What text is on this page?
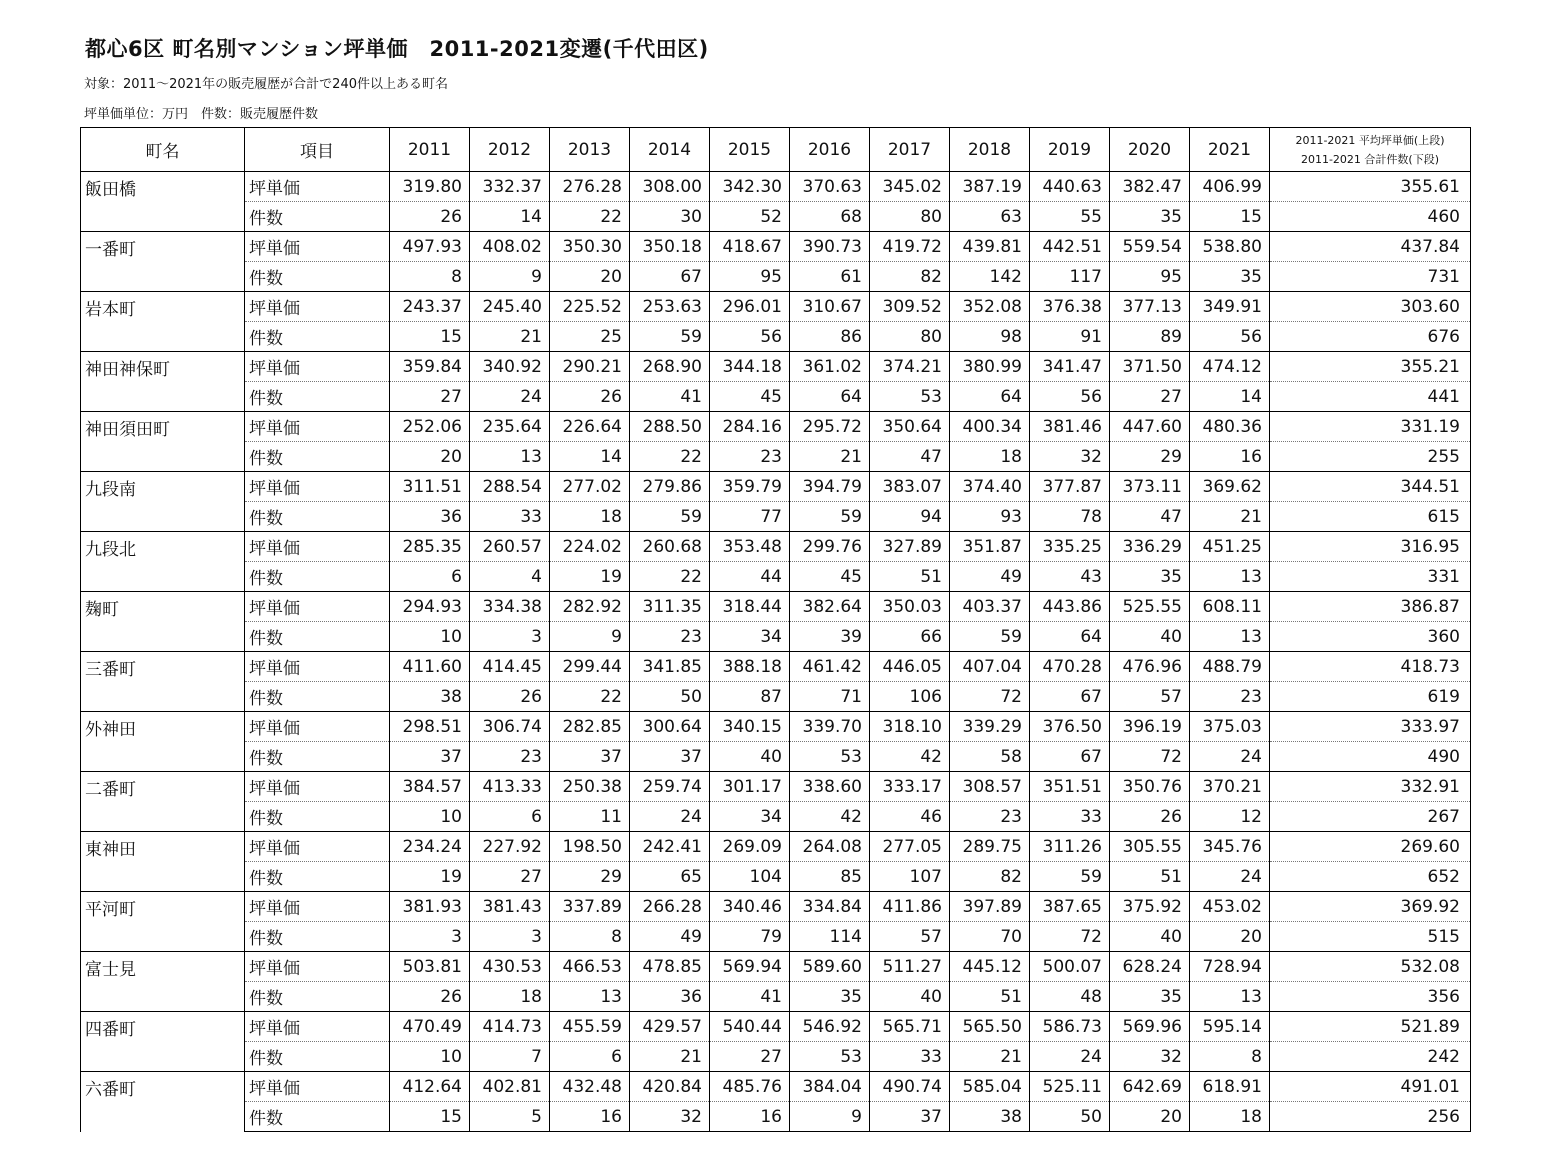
都心6区 町名別マンション坪単価　2011-2021変遷(千代田区)
対象：2011～2021年の販売履歴が合計で240件以上ある町名
坪単価単位：万円　件数：販売履歴件数
町名	項目	2011	2012	2013	2014	2015	2016	2017	2018	2019	2020	2021	2011-2021 平均坪単価(上段)
2011-2021 合計件数(下段)

飯田橋	坪単価	319.80	332.37	276.28	308.00	342.30	370.63	345.02	387.19	440.63	382.47	406.99	355.61
	件数	26	14	22	30	52	68	80	63	55	35	15	460
一番町	坪単価	497.93	408.02	350.30	350.18	418.67	390.73	419.72	439.81	442.51	559.54	538.80	437.84
	件数	8	9	20	67	95	61	82	142	117	95	35	731
岩本町	坪単価	243.37	245.40	225.52	253.63	296.01	310.67	309.52	352.08	376.38	377.13	349.91	303.60
	件数	15	21	25	59	56	86	80	98	91	89	56	676
神田神保町	坪単価	359.84	340.92	290.21	268.90	344.18	361.02	374.21	380.99	341.47	371.50	474.12	355.21
	件数	27	24	26	41	45	64	53	64	56	27	14	441
神田須田町	坪単価	252.06	235.64	226.64	288.50	284.16	295.72	350.64	400.34	381.46	447.60	480.36	331.19
	件数	20	13	14	22	23	21	47	18	32	29	16	255
九段南	坪単価	311.51	288.54	277.02	279.86	359.79	394.79	383.07	374.40	377.87	373.11	369.62	344.51
	件数	36	33	18	59	77	59	94	93	78	47	21	615
九段北	坪単価	285.35	260.57	224.02	260.68	353.48	299.76	327.89	351.87	335.25	336.29	451.25	316.95
	件数	6	4	19	22	44	45	51	49	43	35	13	331
麹町	坪単価	294.93	334.38	282.92	311.35	318.44	382.64	350.03	403.37	443.86	525.55	608.11	386.87
	件数	10	3	9	23	34	39	66	59	64	40	13	360
三番町	坪単価	411.60	414.45	299.44	341.85	388.18	461.42	446.05	407.04	470.28	476.96	488.79	418.73
	件数	38	26	22	50	87	71	106	72	67	57	23	619
外神田	坪単価	298.51	306.74	282.85	300.64	340.15	339.70	318.10	339.29	376.50	396.19	375.03	333.97
	件数	37	23	37	37	40	53	42	58	67	72	24	490
二番町	坪単価	384.57	413.33	250.38	259.74	301.17	338.60	333.17	308.57	351.51	350.76	370.21	332.91
	件数	10	6	11	24	34	42	46	23	33	26	12	267
東神田	坪単価	234.24	227.92	198.50	242.41	269.09	264.08	277.05	289.75	311.26	305.55	345.76	269.60
	件数	19	27	29	65	104	85	107	82	59	51	24	652
平河町	坪単価	381.93	381.43	337.89	266.28	340.46	334.84	411.86	397.89	387.65	375.92	453.02	369.92
	件数	3	3	8	49	79	114	57	70	72	40	20	515
富士見	坪単価	503.81	430.53	466.53	478.85	569.94	589.60	511.27	445.12	500.07	628.24	728.94	532.08
	件数	26	18	13	36	41	35	40	51	48	35	13	356
四番町	坪単価	470.49	414.73	455.59	429.57	540.44	546.92	565.71	565.50	586.73	569.96	595.14	521.89
	件数	10	7	6	21	27	53	33	21	24	32	8	242
六番町	坪単価	412.64	402.81	432.48	420.84	485.76	384.04	490.74	585.04	525.11	642.69	618.91	491.01
	件数	15	5	16	32	16	9	37	38	50	20	18	256
